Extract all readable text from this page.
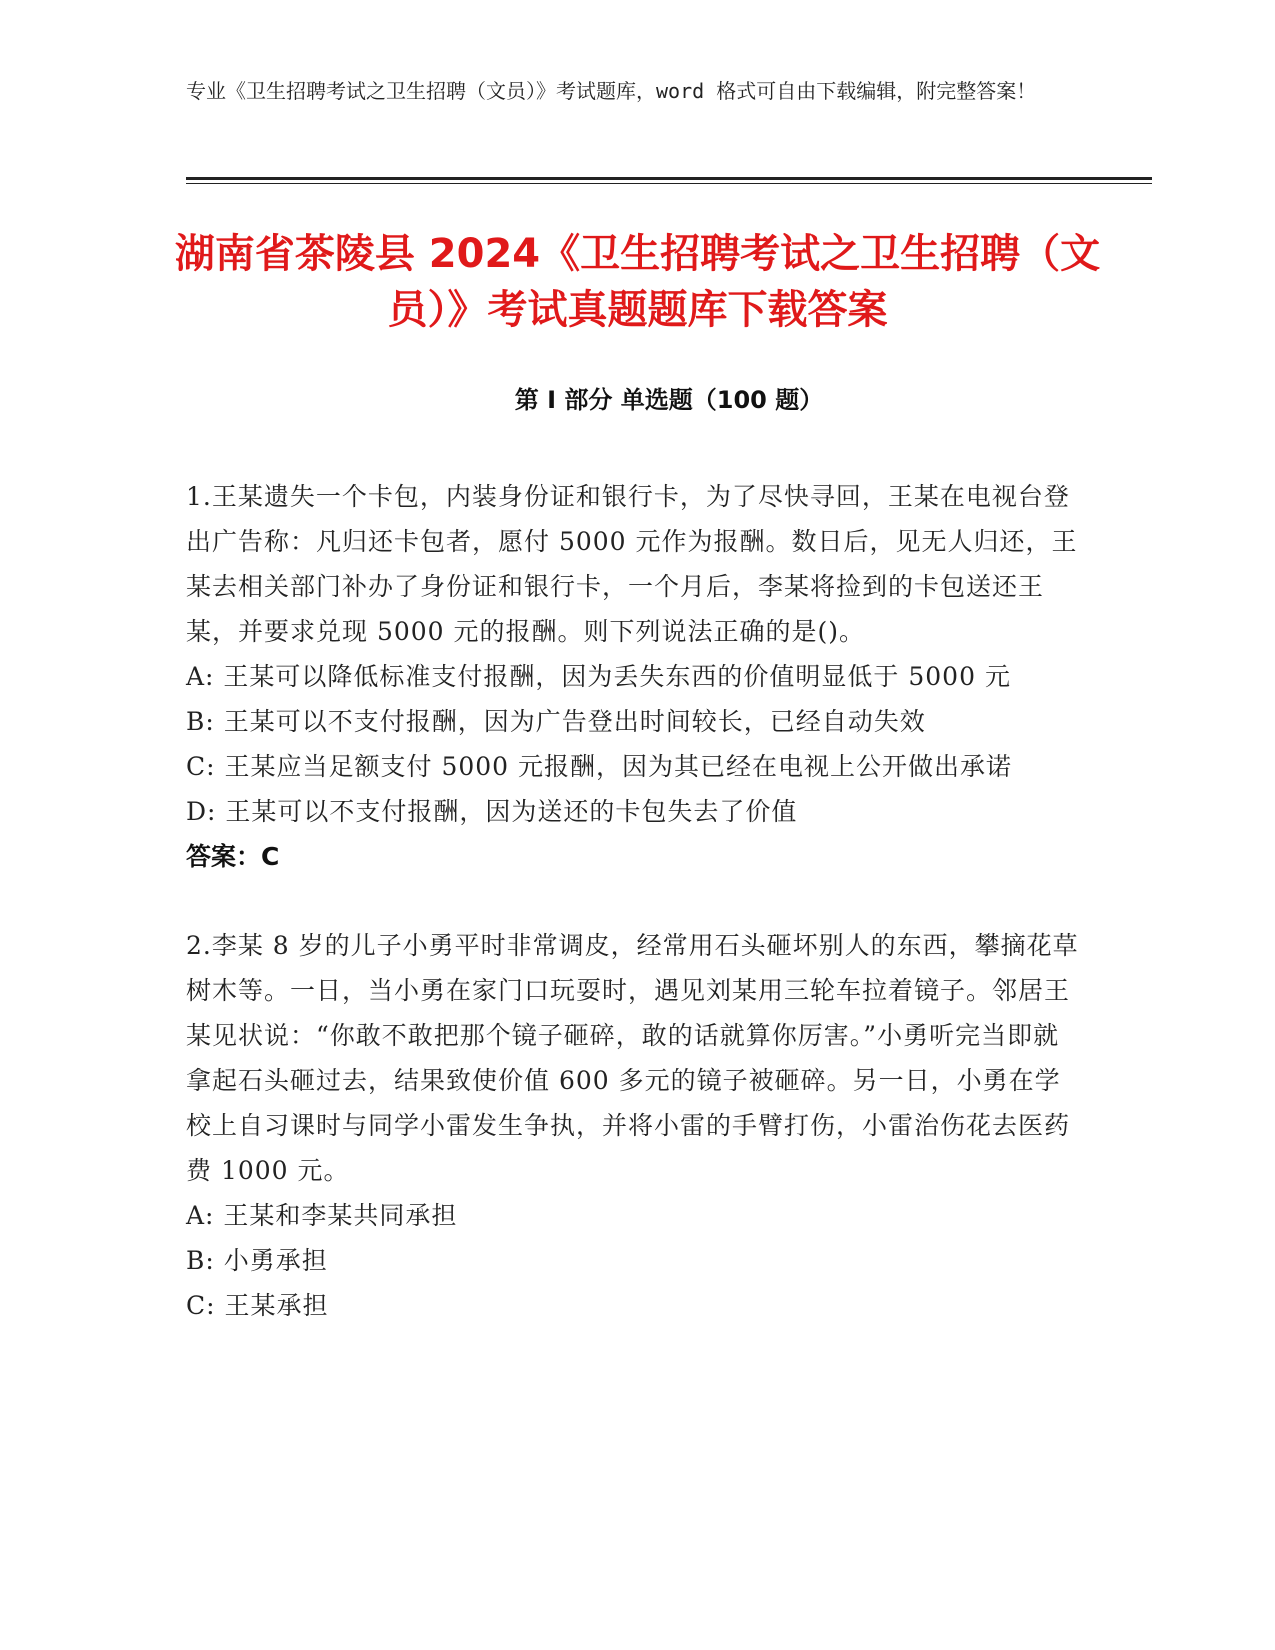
专业《卫生招聘考试之卫生招聘（文员）》考试题库，word 格式可自由下载编辑，附完整答案！
湖南省茶陵县 2024《卫生招聘考试之卫生招聘（文员）》考试真题题库下载答案
第 I 部分 单选题（100 题）

1.王某遗失一个卡包，内装身份证和银行卡，为了尽快寻回，王某在电视台登出广告称：凡归还卡包者，愿付 5000 元作为报酬。数日后，见无人归还，王某去相关部门补办了身份证和银行卡，一个月后，李某将捡到的卡包送还王某，并要求兑现 5000 元的报酬。则下列说法正确的是()。

A: 王某可以降低标准支付报酬，因为丢失东西的价值明显低于 5000 元

B: 王某可以不支付报酬，因为广告登出时间较长，已经自动失效

C: 王某应当足额支付 5000 元报酬，因为其已经在电视上公开做出承诺

D: 王某可以不支付报酬，因为送还的卡包失去了价值

答案：C

2.李某 8 岁的儿子小勇平时非常调皮，经常用石头砸坏别人的东西，攀摘花草树木等。一日，当小勇在家门口玩耍时，遇见刘某用三轮车拉着镜子。邻居王某见状说：“你敢不敢把那个镜子砸碎，敢的话就算你厉害。”小勇听完当即就拿起石头砸过去，结果致使价值 600 多元的镜子被砸碎。另一日，小勇在学校上自习课时与同学小雷发生争执，并将小雷的手臂打伤，小雷治伤花去医药费 1000 元。

A: 王某和李某共同承担

B: 小勇承担

C: 王某承担
